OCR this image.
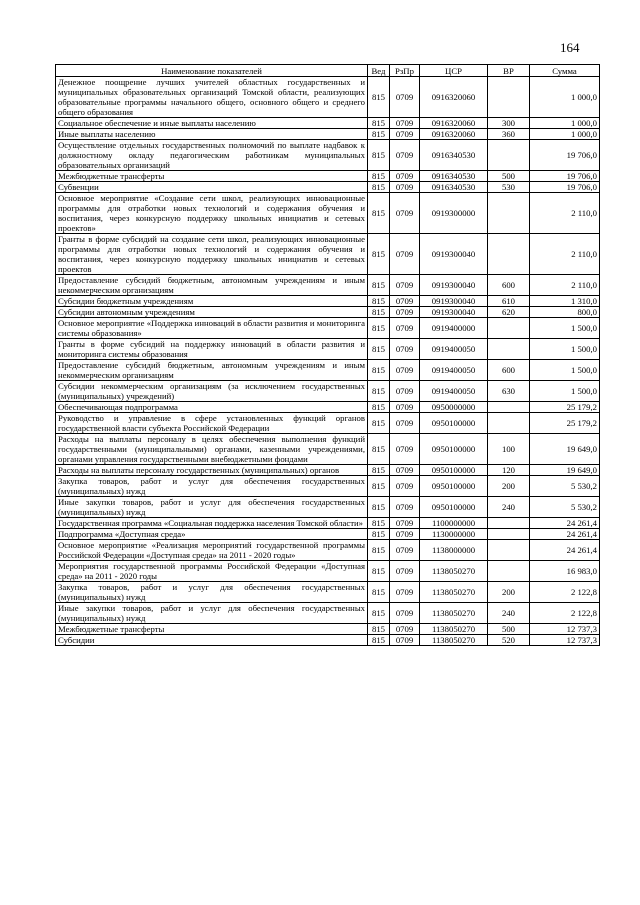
164
Наименование показателей	Вед	РзПр	ЦСР	ВР	Сумма
Денежное поощрение лучших учителей областных государственных и муниципальных образовательных организаций Томской области, реализующих образовательные программы начального общего, основного общего и среднего общего образования	815	0709	0916320060		1 000,0
Социальное обеспечение и иные выплаты населению	815	0709	0916320060	300	1 000,0
Иные выплаты населению	815	0709	0916320060	360	1 000,0
Осуществление отдельных государственных полномочий по выплате надбавок к должностному окладу педагогическим работникам муниципальных образовательных организаций	815	0709	0916340530		19 706,0
Межбюджетные трансферты	815	0709	0916340530	500	19 706,0
Субвенции	815	0709	0916340530	530	19 706,0
Основное мероприятие «Создание сети школ, реализующих инновационные программы для отработки новых технологий и содержания обучения и воспитания, через конкурсную поддержку школьных инициатив и сетевых проектов»	815	0709	0919300000		2 110,0
Гранты в форме субсидий на создание сети школ, реализующих инновационные программы для отработки новых технологий и содержания обучения и воспитания, через конкурсную поддержку школьных инициатив и сетевых проектов	815	0709	0919300040		2 110,0
Предоставление субсидий бюджетным, автономным учреждениям и иным некоммерческим организациям	815	0709	0919300040	600	2 110,0
Субсидии бюджетным учреждениям	815	0709	0919300040	610	1 310,0
Субсидии автономным учреждениям	815	0709	0919300040	620	800,0
Основное мероприятие «Поддержка инноваций в области развития и мониторинга системы образования»	815	0709	0919400000		1 500,0
Гранты в форме субсидий на поддержку инноваций в области развития и мониторинга системы образования	815	0709	0919400050		1 500,0
Предоставление субсидий бюджетным, автономным учреждениям и иным некоммерческим организациям	815	0709	0919400050	600	1 500,0
Субсидии некоммерческим организациям (за исключением государственных (муниципальных) учреждений)	815	0709	0919400050	630	1 500,0
Обеспечивающая подпрограмма	815	0709	0950000000		25 179,2
Руководство и управление в сфере установленных функций органов государственной власти субъекта Российской Федерации	815	0709	0950100000		25 179,2
Расходы на выплаты персоналу в целях обеспечения выполнения функций государственными (муниципальными) органами, казенными учреждениями, органами управления государственными внебюджетными фондами	815	0709	0950100000	100	19 649,0
Расходы на выплаты персоналу государственных (муниципальных) органов	815	0709	0950100000	120	19 649,0
Закупка товаров, работ и услуг для обеспечения государственных (муниципальных) нужд	815	0709	0950100000	200	5 530,2
Иные закупки товаров, работ и услуг для обеспечения государственных (муниципальных) нужд	815	0709	0950100000	240	5 530,2
Государственная программа «Социальная поддержка населения Томской области»	815	0709	1100000000		24 261,4
Подпрограмма «Доступная среда»	815	0709	1130000000		24 261,4
Основное мероприятие «Реализация мероприятий государственной программы Российской Федерации «Доступная среда» на 2011 - 2020 годы»	815	0709	1138000000		24 261,4
Мероприятия государственной программы Российской Федерации «Доступная среда» на 2011 - 2020 годы	815	0709	1138050270		16 983,0
Закупка товаров, работ и услуг для обеспечения государственных (муниципальных) нужд	815	0709	1138050270	200	2 122,8
Иные закупки товаров, работ и услуг для обеспечения государственных (муниципальных) нужд	815	0709	1138050270	240	2 122,8
Межбюджетные трансферты	815	0709	1138050270	500	12 737,3
Субсидии	815	0709	1138050270	520	12 737,3
